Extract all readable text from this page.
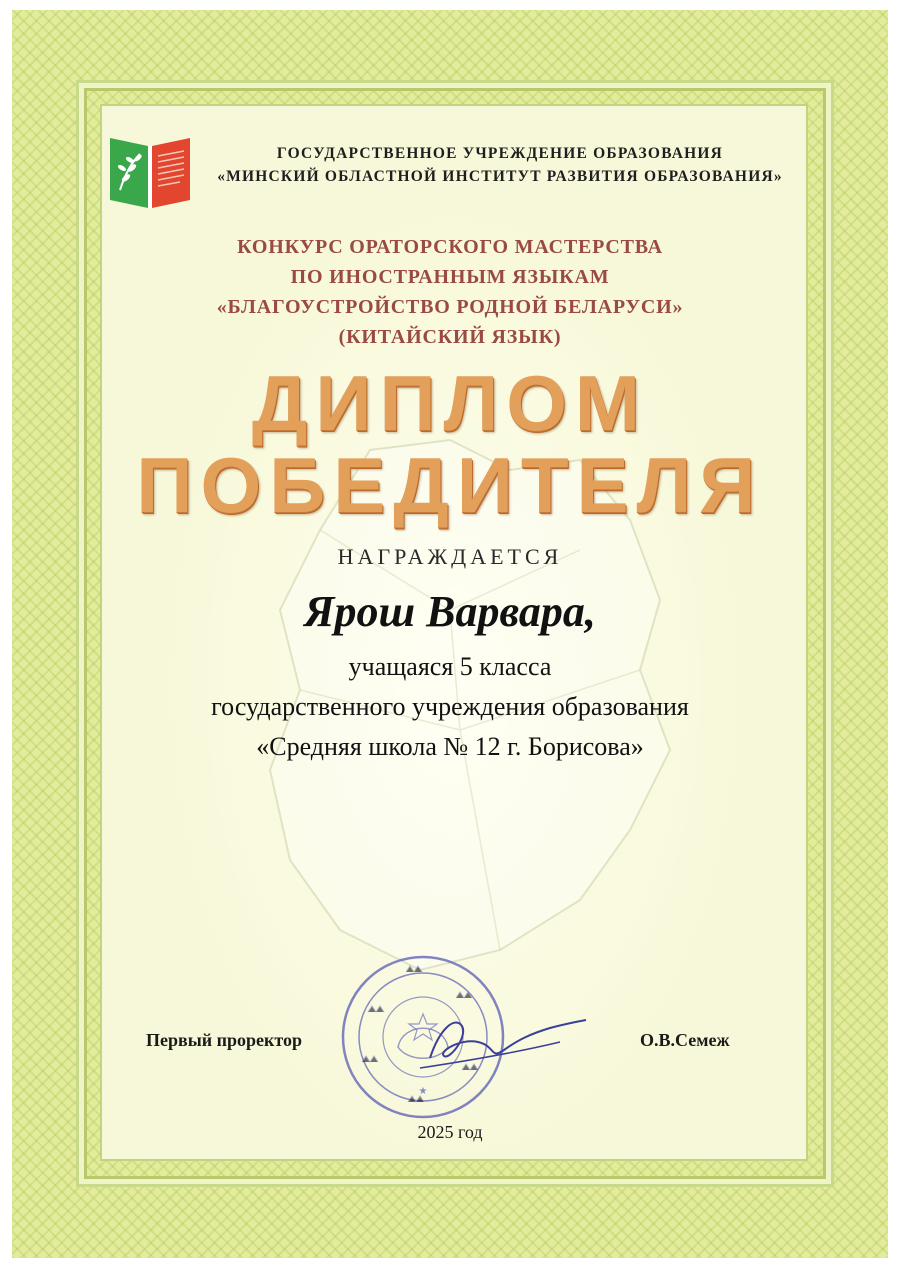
ГОСУДАРСТВЕННОЕ УЧРЕЖДЕНИЕ ОБРАЗОВАНИЯ
«МИНСКИЙ ОБЛАСТНОЙ ИНСТИТУТ РАЗВИТИЯ ОБРАЗОВАНИЯ»
КОНКУРС ОРАТОРСКОГО МАСТЕРСТВА
ПО ИНОСТРАННЫМ ЯЗЫКАМ
«БЛАГОУСТРОЙСТВО РОДНОЙ БЕЛАРУСИ»
(КИТАЙСКИЙ ЯЗЫК)
ДИПЛОМ
ПОБЕДИТЕЛЯ
НАГРАЖДАЕТСЯ
Ярош Варвара,
учащаяся 5 класса
государственного учреждения образования
«Средняя школа № 12 г. Борисова»
★
Первый проректор	О.В.Семеж
2025 год
